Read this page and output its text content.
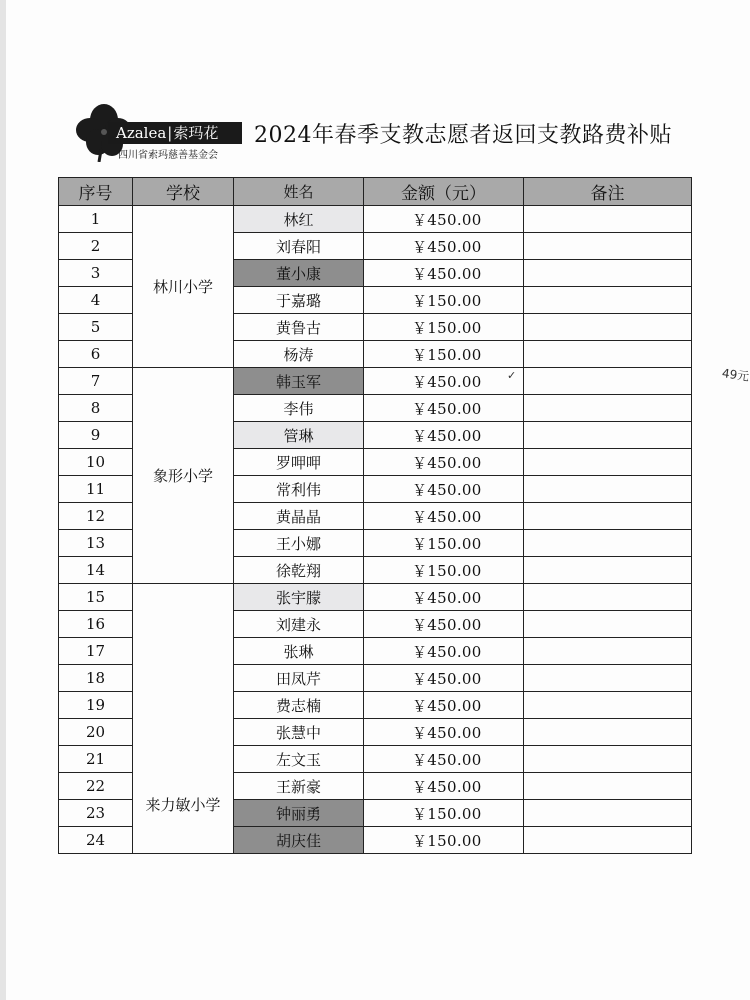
Azalea|索玛花
四川省索玛慈善基金会
2024年春季支教志愿者返回支教路费补贴
序号	学校	姓名	金额（元）	备注
1	林川小学	林红	￥450.00	
2		刘春阳	￥450.00	
3		董小康	￥450.00	
4		于嘉璐	￥150.00	
5		黄鲁古	￥150.00	
6		杨涛	￥150.00	
7	象形小学	韩玉军	￥450.00	
8		李伟	￥450.00	
9		管琳	￥450.00	
10		罗呷呷	￥450.00	
11		常利伟	￥450.00	
12		黄晶晶	￥450.00	
13		王小娜	￥150.00	
14		徐乾翔	￥150.00	
15	来力敏小学	张宇朦	￥450.00	
16		刘建永	￥450.00	
17		张琳	￥450.00	
18		田凤芹	￥450.00	
19		费志楠	￥450.00	
20		张慧中	￥450.00	
21		左文玉	￥450.00	
22		王新豪	￥450.00	
23		钟丽勇	￥150.00	
24		胡庆佳	￥150.00	
✓	49元
